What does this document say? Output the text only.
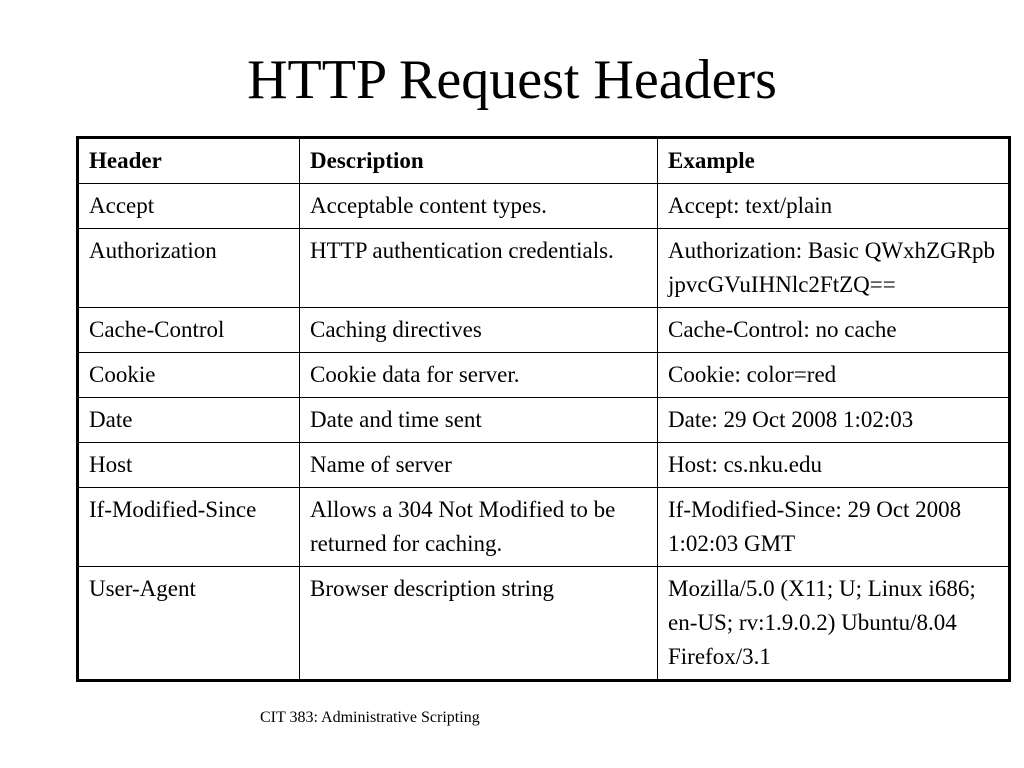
HTTP Request Headers
Header	Description	Example
Accept	Acceptable content types.	Accept: text/plain
Authorization	HTTP authentication credentials.	Authorization: Basic QWxhZGRpbjpvcGVuIHNlc2FtZQ==
Cache-Control	Caching directives	Cache-Control: no cache
Cookie	Cookie data for server.	Cookie: color=red
Date	Date and time sent	Date: 29 Oct 2008 1:02:03
Host	Name of server	Host: cs.nku.edu
If-Modified-Since	Allows a 304 Not Modified to be returned for caching.	If-Modified-Since: 29 Oct 2008 1:02:03 GMT
User-Agent	Browser description string	Mozilla/5.0 (X11; U; Linux i686; en-US; rv:1.9.0.2) Ubuntu/8.04 Firefox/3.1
CIT 383: Administrative Scripting
